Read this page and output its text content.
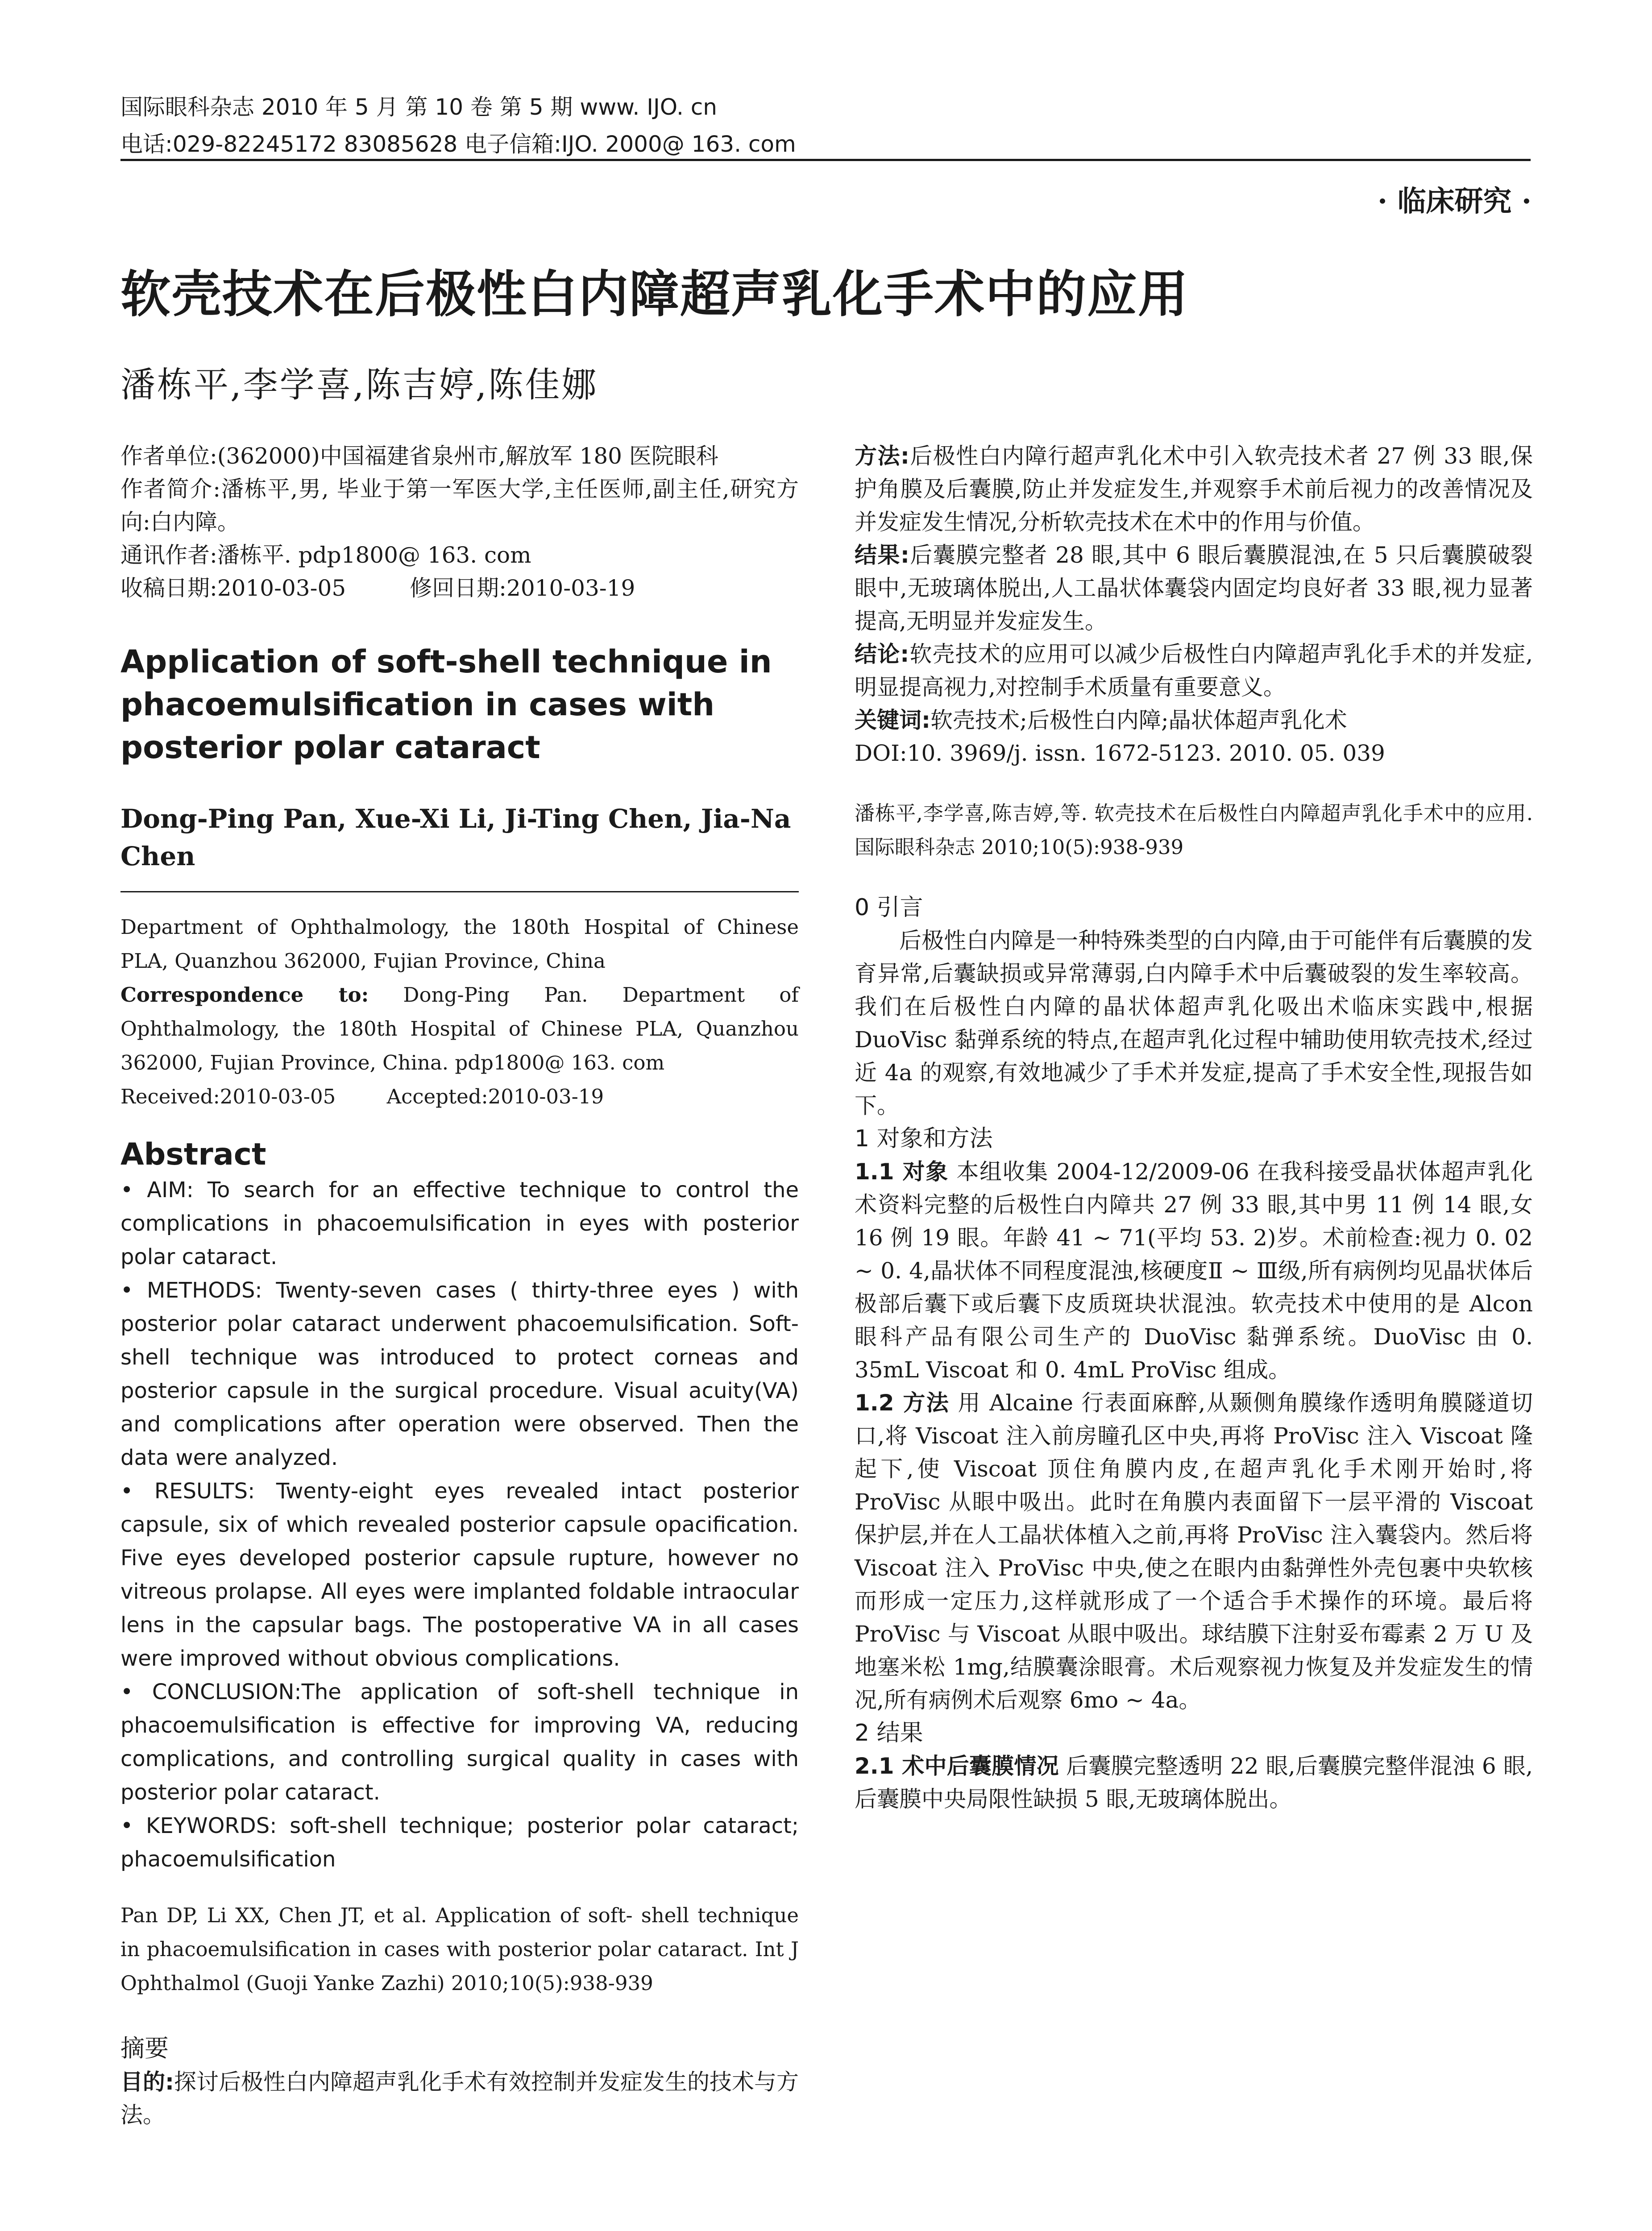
国际眼科杂志 2010 年 5 月 第 10 卷 第 5 期 www. IJO. cn
电话:029-82245172 83085628 电子信箱:IJO. 2000@ 163. com
· 临床研究 ·
软壳技术在后极性白内障超声乳化手术中的应用
潘栋平,李学喜,陈吉婷,陈佳娜

作者单位:(362000)中国福建省泉州市,解放军 180 医院眼科

作者简介:潘栋平,男, 毕业于第一军医大学,主任医师,副主任,研究方向:白内障。

通讯作者:潘栋平. pdp1800@ 163. com

收稿日期:2010-03-05         修回日期:2010-03-19

Application of soft-shell technique in phacoemulsification in cases with posterior polar cataract

Dong-Ping Pan, Xue-Xi Li, Ji-Ting Chen, Jia-Na Chen

Department of Ophthalmology, the 180th Hospital of Chinese PLA, Quanzhou 362000, Fujian Province, China

Correspondence to: Dong-Ping Pan. Department of Ophthalmology, the 180th Hospital of Chinese PLA, Quanzhou 362000, Fujian Province, China. pdp1800@ 163. com

Received:2010-03-05        Accepted:2010-03-19

Abstract

• AIM: To search for an effective technique to control the complications in phacoemulsification in eyes with posterior polar cataract.

• METHODS: Twenty-seven cases ( thirty-three eyes ) with posterior polar cataract underwent phacoemulsification. Soft-shell technique was introduced to protect corneas and posterior capsule in the surgical procedure. Visual acuity(VA) and complications after operation were observed. Then the data were analyzed.

• RESULTS: Twenty-eight eyes revealed intact posterior capsule, six of which revealed posterior capsule opacification. Five eyes developed posterior capsule rupture, however no vitreous prolapse. All eyes were implanted foldable intraocular lens in the capsular bags. The postoperative VA in all cases were improved without obvious complications.

• CONCLUSION:The application of soft-shell technique in phacoemulsification is effective for improving VA, reducing complications, and controlling surgical quality in cases with posterior polar cataract.

• KEYWORDS: soft-shell technique; posterior polar cataract; phacoemulsification

Pan DP, Li XX, Chen JT, et al. Application of soft- shell technique in phacoemulsification in cases with posterior polar cataract. Int J Ophthalmol (Guoji Yanke Zazhi) 2010;10(5):938-939

摘要

目的:探讨后极性白内障超声乳化手术有效控制并发症发生的技术与方法。

方法:后极性白内障行超声乳化术中引入软壳技术者 27 例 33 眼,保护角膜及后囊膜,防止并发症发生,并观察手术前后视力的改善情况及并发症发生情况,分析软壳技术在术中的作用与价值。

结果:后囊膜完整者 28 眼,其中 6 眼后囊膜混浊,在 5 只后囊膜破裂眼中,无玻璃体脱出,人工晶状体囊袋内固定均良好者 33 眼,视力显著提高,无明显并发症发生。

结论:软壳技术的应用可以减少后极性白内障超声乳化手术的并发症,明显提高视力,对控制手术质量有重要意义。

关键词:软壳技术;后极性白内障;晶状体超声乳化术

DOI:10. 3969/j. issn. 1672-5123. 2010. 05. 039

潘栋平,李学喜,陈吉婷,等. 软壳技术在后极性白内障超声乳化手术中的应用. 国际眼科杂志 2010;10(5):938-939

0 引言

后极性白内障是一种特殊类型的白内障,由于可能伴有后囊膜的发育异常,后囊缺损或异常薄弱,白内障手术中后囊破裂的发生率较高。我们在后极性白内障的晶状体超声乳化吸出术临床实践中,根据 DuoVisc 黏弹系统的特点,在超声乳化过程中辅助使用软壳技术,经过近 4a 的观察,有效地减少了手术并发症,提高了手术安全性,现报告如下。

1 对象和方法

1.1 对象 本组收集 2004-12/2009-06 在我科接受晶状体超声乳化术资料完整的后极性白内障共 27 例 33 眼,其中男 11 例 14 眼,女 16 例 19 眼。年龄 41 ~ 71(平均 53. 2)岁。术前检查:视力 0. 02 ~ 0. 4,晶状体不同程度混浊,核硬度Ⅱ ~ Ⅲ级,所有病例均见晶状体后极部后囊下或后囊下皮质斑块状混浊。软壳技术中使用的是 Alcon 眼科产品有限公司生产的 DuoVisc 黏弹系统。DuoVisc 由 0. 35mL Viscoat 和 0. 4mL ProVisc 组成。

1.2 方法 用 Alcaine 行表面麻醉,从颞侧角膜缘作透明角膜隧道切口,将 Viscoat 注入前房瞳孔区中央,再将 ProVisc 注入 Viscoat 隆起下,使 Viscoat 顶住角膜内皮,在超声乳化手术刚开始时,将 ProVisc 从眼中吸出。此时在角膜内表面留下一层平滑的 Viscoat 保护层,并在人工晶状体植入之前,再将 ProVisc 注入囊袋内。然后将 Viscoat 注入 ProVisc 中央,使之在眼内由黏弹性外壳包裹中央软核而形成一定压力,这样就形成了一个适合手术操作的环境。最后将 ProVisc 与 Viscoat 从眼中吸出。球结膜下注射妥布霉素 2 万 U 及地塞米松 1mg,结膜囊涂眼膏。术后观察视力恢复及并发症发生的情况,所有病例术后观察 6mo ~ 4a。

2 结果

2.1 术中后囊膜情况 后囊膜完整透明 22 眼,后囊膜完整伴混浊 6 眼,后囊膜中央局限性缺损 5 眼,无玻璃体脱出。
